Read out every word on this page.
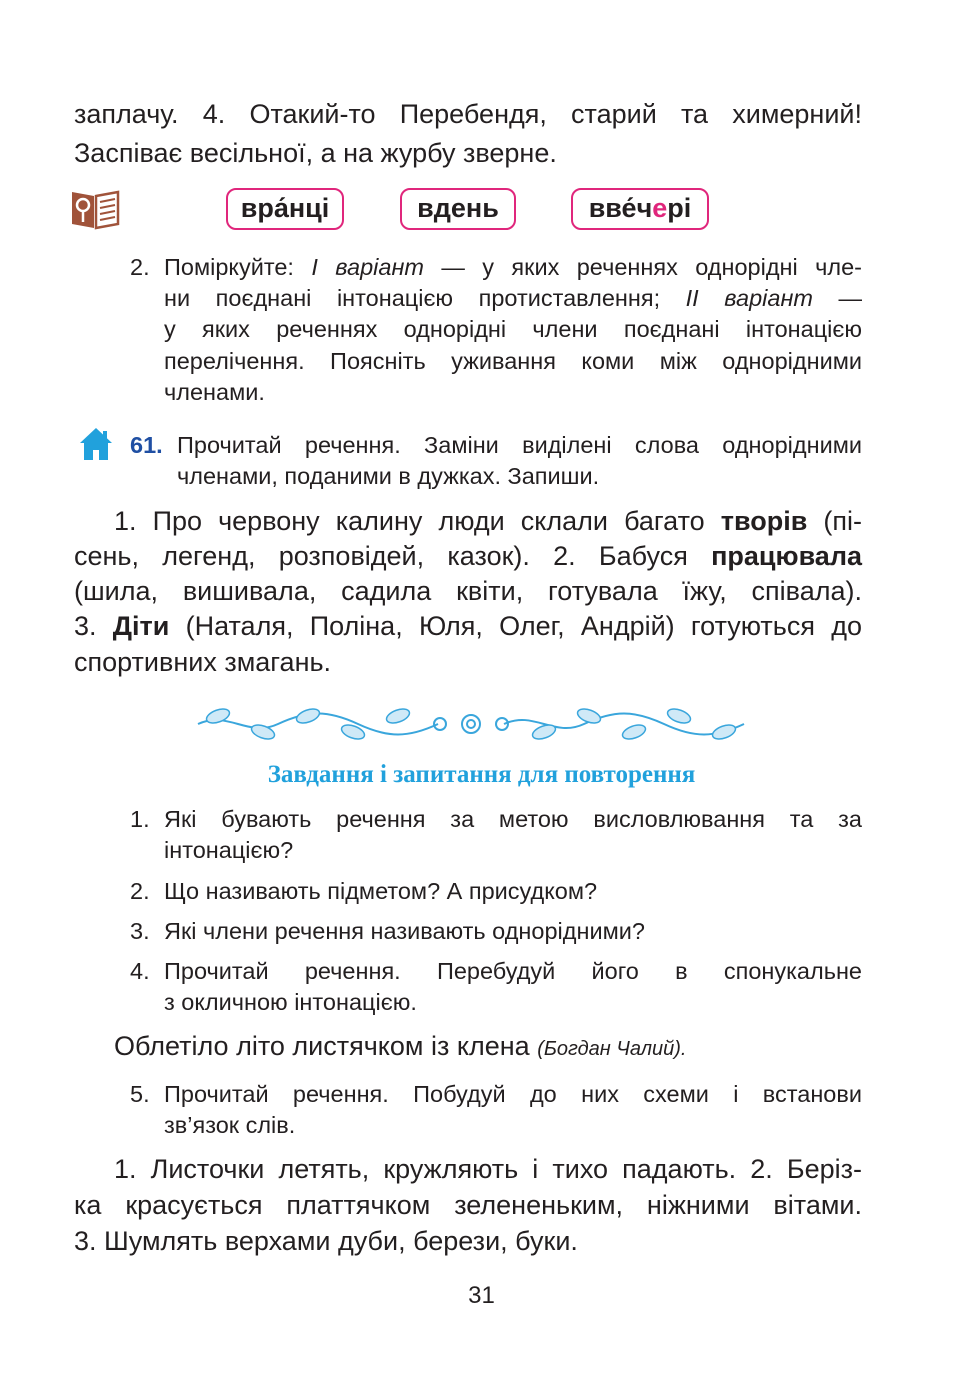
заплачу. 4. Отакий-то Перебендя, старий та химерний!
Заспіває весільної, а на журбу зверне.
вранці	вдень	ввечері
2. Поміркуйте: I варіант — у яких реченнях однорідні чле-
ни поєднані інтонацією протиставлення; II варіант —
у яких реченнях однорідні члени поєднані інтонацією
перелічення. Поясніть уживання коми між однорідними
членами.
61. Прочитай речення. Заміни виділені слова однорідними
членами, поданими в дужках. Запиши.
1. Про червону калину люди склали багато творів (пі-
сень, легенд, розповідей, казок). 2. Бабуся працювала
(шила, вишивала, садила квіти, готувала їжу, співала).
3. Діти (Наталя, Поліна, Юля, Олег, Андрій) готуються до
спортивних змагань.
Завдання і запитання для повторення
1. Які бувають речення за метою висловлювання та за
інтонацією?
2. Що називають підметом? А присудком?
3. Які члени речення називають однорідними?
4. Прочитай речення. Перебудуй його в спонукальне
з окличною інтонацією.
Облетіло літо листячком із клена (Богдан Чалий).
5. Прочитай речення. Побудуй до них схеми і встанови
зв’язок слів.
1. Листочки летять, кружляють і тихо падають. 2. Берiз-
ка красується платтячком зелененьким, ніжними вітами.
3. Шумлять верхами дуби, берези, буки.
31
